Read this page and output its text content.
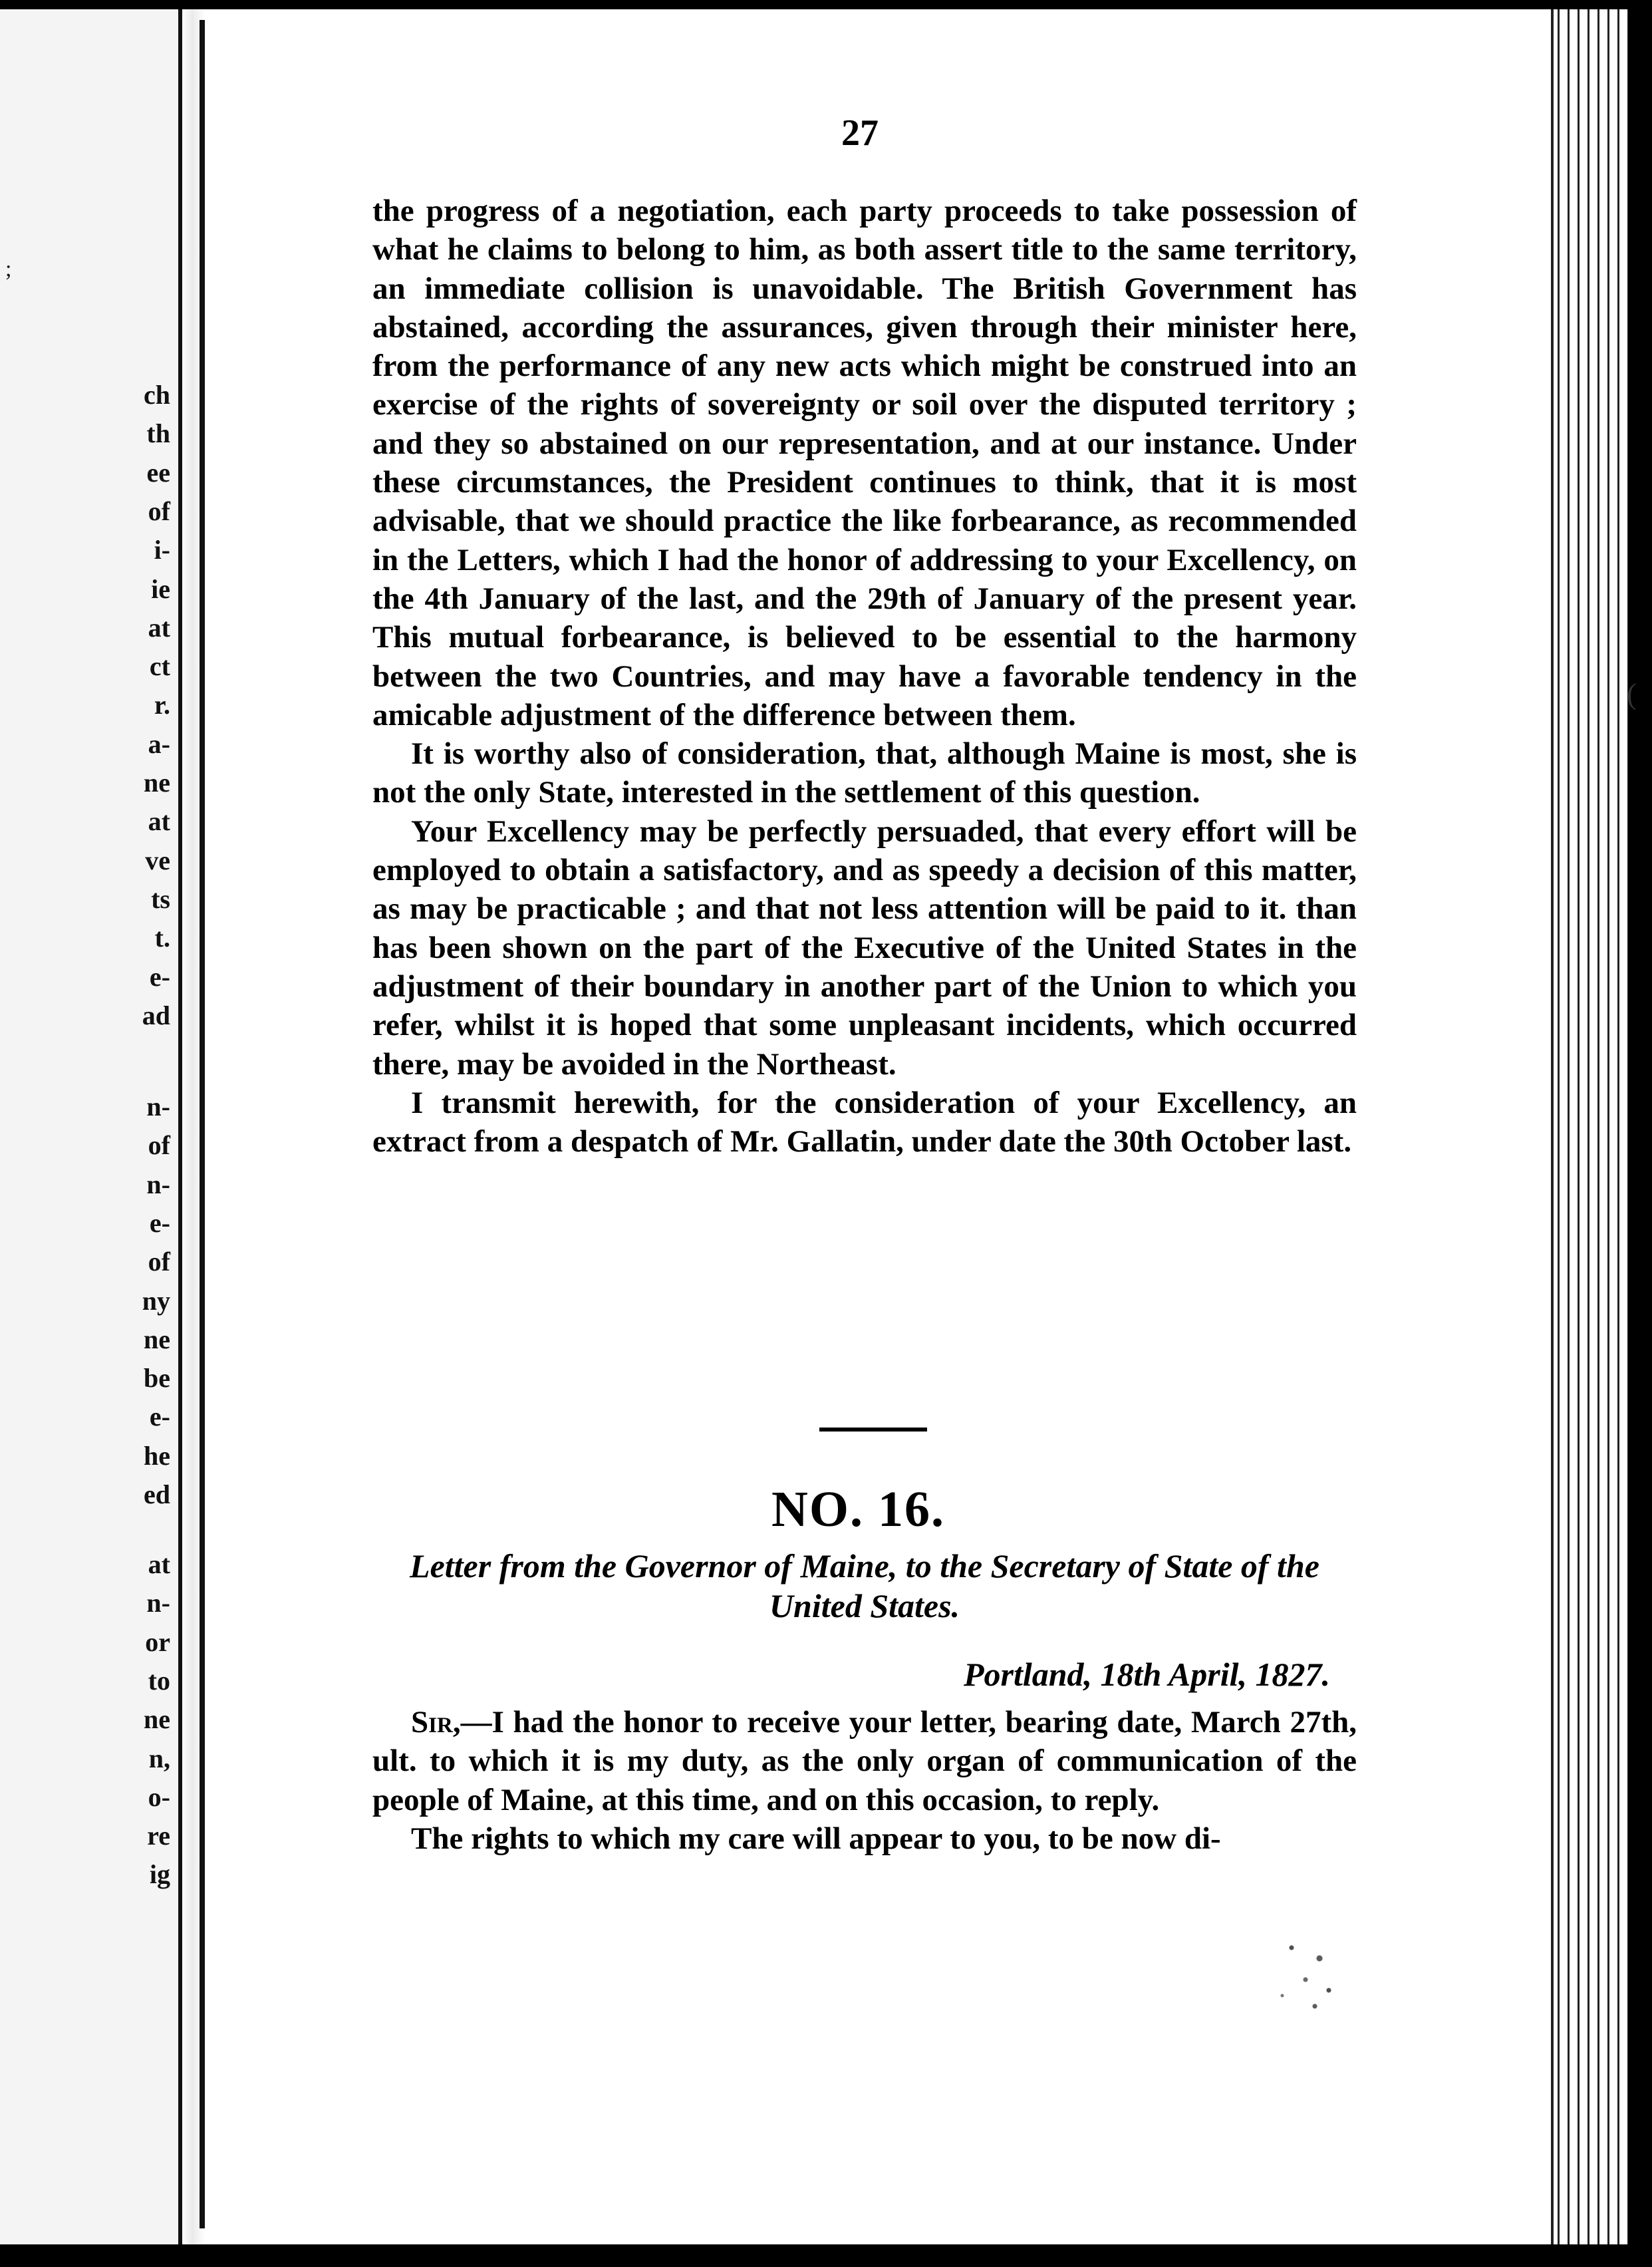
ch
th
ee
of
i-
ie
at
ct
r.
a-
ne
at
ve
ts
t.
e-
ad
n-
of
n-
e-
of
ny
ne
be
e-
he
ed
at
n-
or
to
ne
n,
o-
re
ig
;
(
27

the progress of a negotiation, each party proceeds to take possession of what he claims to belong to him, as both assert title to the same territory, an immediate collision is unavoidable. The British Government has abstained, according the assurances, given through their minister here, from the performance of any new acts which might be construed into an exercise of the rights of sovereignty or soil over the disputed territory ; and they so abstained on our representation, and at our instance. Under these circumstances, the President continues to think, that it is most advisable, that we should practice the like forbearance, as recommended in the Letters, which I had the honor of addressing to your Excellency, on the 4th January of the last, and the 29th of January of the present year. This mutual forbearance, is believed to be essential to the harmony between the two Countries, and may have a favorable tendency in the amicable adjustment of the difference between them.

It is worthy also of consideration, that, although Maine is most, she is not the only State, interested in the settlement of this question.

Your Excellency may be perfectly persuaded, that every effort will be employed to obtain a satisfactory, and as speedy a decision of this matter, as may be practicable ; and that not less attention will be paid to it. than has been shown on the part of the Executive of the United States in the adjustment of their boundary in another part of the Union to which you refer, whilst it is hoped that some unpleasant incidents, which occurred there, may be avoided in the Northeast.

I transmit herewith, for the consideration of your Excellency, an extract from a despatch of Mr. Gallatin, under date the 30th October last.

NO. 16.
Letter from the Governor of Maine, to the Secretary of State of the United States.
Portland, 18th April, 1827.

Sir,—I had the honor to receive your letter, bearing date, March 27th, ult. to which it is my duty, as the only organ of communication of the people of Maine, at this time, and on this occasion, to reply.

The rights to which my care will appear to you, to be now di-
